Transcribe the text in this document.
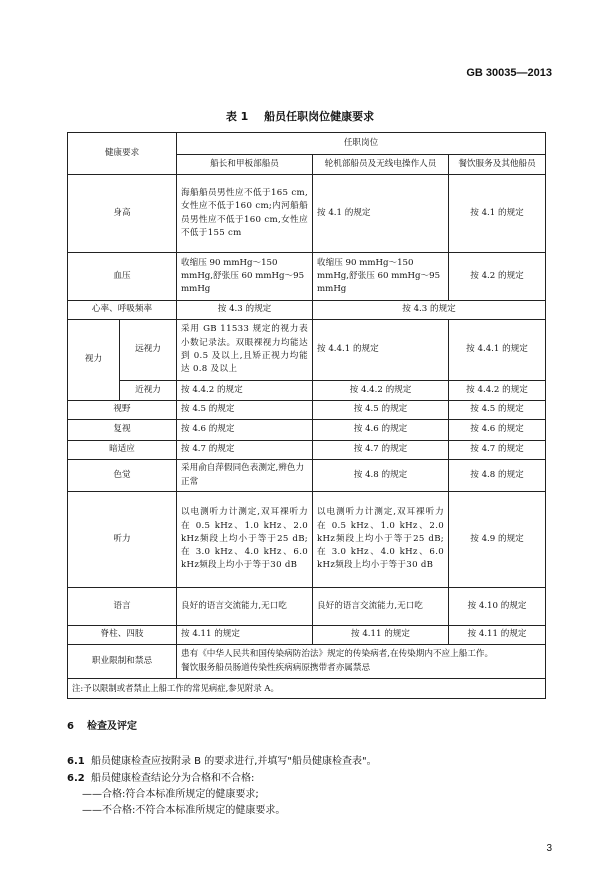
GB 30035—2013
表 1 船员任职岗位健康要求
健康要求		任职岗位		
		船长和甲板部船员	轮机部船员及无线电操作人员	餐饮服务及其他船员
身高		海船船员男性应不低于165 cm,女性应不低于160 cm;内河船船员男性应不低于160 cm,女性应不低于155 cm	按 4.1 的规定	按 4.1 的规定
血压		收缩压 90 mmHg～150 mmHg,舒张压 60 mmHg～95 mmHg	收缩压 90 mmHg～150 mmHg,舒张压 60 mmHg～95 mmHg	按 4.2 的规定
心率、呼吸频率		按 4.3 的规定	按 4.3 的规定	
视力	远视力	采用 GB 11533 规定的视力表小数记录法。双眼裸视力均能达到 0.5 及以上,且矫正视力均能达 0.8 及以上	按 4.4.1 的规定	按 4.4.1 的规定
	近视力	按 4.4.2 的规定	按 4.4.2 的规定	按 4.4.2 的规定
视野		按 4.5 的规定	按 4.5 的规定	按 4.5 的规定
复视		按 4.6 的规定	按 4.6 的规定	按 4.6 的规定
暗适应		按 4.7 的规定	按 4.7 的规定	按 4.7 的规定
色觉		采用俞自萍假同色表测定,辨色力正常	按 4.8 的规定	按 4.8 的规定
听力		以电测听力计测定,双耳裸听力在 0.5 kHz、1.0 kHz、2.0 kHz频段上均小于等于25 dB;在 3.0 kHz、4.0 kHz、6.0 kHz频段上均小于等于30 dB	以电测听力计测定,双耳裸听力在 0.5 kHz、1.0 kHz、2.0 kHz频段上均小于等于25 dB;在 3.0 kHz、4.0 kHz、6.0 kHz频段上均小于等于30 dB	按 4.9 的规定
语言		良好的语言交流能力,无口吃	良好的语言交流能力,无口吃	按 4.10 的规定
脊柱、四肢		按 4.11 的规定	按 4.11 的规定	按 4.11 的规定
职业限制和禁忌		患有《中华人民共和国传染病防治法》规定的传染病者,在传染期内不应上船工作。
餐饮服务船员肠道传染性疾病病原携带者亦属禁忌		

注:予以限制或者禁止上船工作的常见病症,参见附录 A。				
6 检查及评定
6.1 船员健康检查应按附录 B 的要求进行,并填写"船员健康检查表"。
6.2 船员健康检查结论分为合格和不合格:
——合格:符合本标准所规定的健康要求;
——不合格:不符合本标准所规定的健康要求。
3
